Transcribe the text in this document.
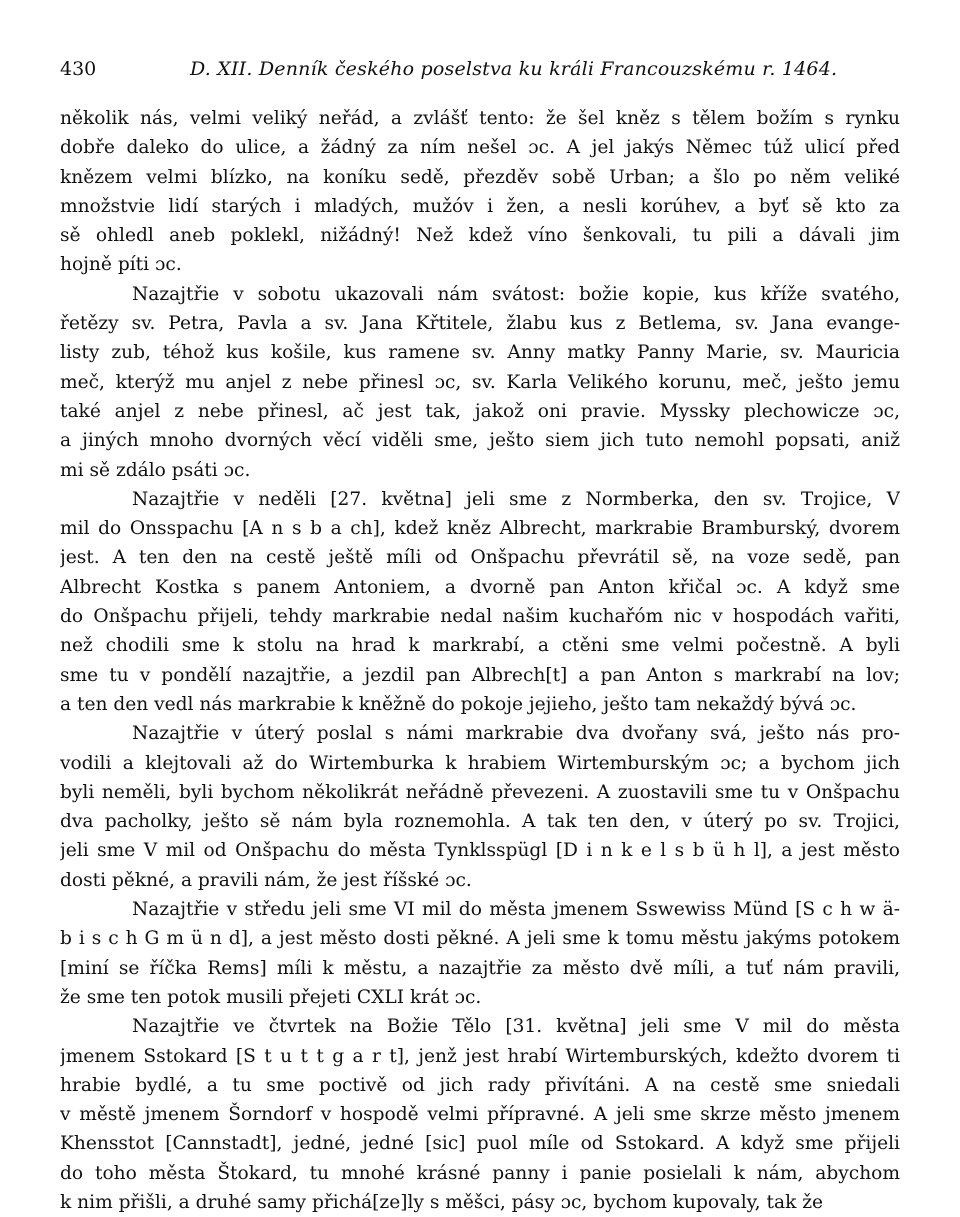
430	D. XII. Denník českého poselstva ku králi Francouzskému r. 1464.

několik nás, velmi veliký neřád, a zvlášť tento: že šel kněz s tělem božím s rynku
dobře daleko do ulice, a žádný za ním nešel ɔc. A jel jakýs Němec túž ulicí před
knězem velmi blízko, na koníku sedě, přezděv sobě Urban; a šlo po něm veliké
množstvie lidí starých i mladých, mužóv i žen, a nesli korúhev, a byť sě kto za
sě ohledl aneb poklekl, nižádný! Než kdež víno šenkovali, tu pili a dávali jim
hojně píti ɔc.

Nazajtřie v sobotu ukazovali nám svátost: božie kopie, kus kříže svatého,
řetězy sv. Petra, Pavla a sv. Jana Křtitele, žlabu kus z Betlema, sv. Jana evange-
listy zub, téhož kus košile, kus ramene sv. Anny matky Panny Marie, sv. Mauricia
meč, kterýž mu anjel z nebe přinesl ɔc, sv. Karla Velikého korunu, meč, ješto jemu
také anjel z nebe přinesl, ač jest tak, jakož oni pravie. Myssky plechowicze ɔc,
a jiných mnoho dvorných věcí viděli sme, ješto siem jich tuto nemohl popsati, aniž
mi sě zdálo psáti ɔc.

Nazajtřie v neděli [27. května] jeli sme z Normberka, den sv. Trojice, V
mil do Onsspachu [A n s b a ch], kdež kněz Albrecht, markrabie Bramburský, dvorem
jest. A ten den na cestě ještě míli od Onšpachu převrátil sě, na voze sedě, pan
Albrecht Kostka s panem Antoniem, a dvorně pan Anton křičal ɔc. A když sme
do Onšpachu přijeli, tehdy markrabie nedal našim kuchařóm nic v hospodách vařiti,
než chodili sme k stolu na hrad k markrabí, a ctěni sme velmi počestně. A byli
sme tu v pondělí nazajtřie, a jezdil pan Albrech[t] a pan Anton s markrabí na lov;
a ten den vedl nás markrabie k kněžně do pokoje jejieho, ješto tam nekaždý bývá ɔc.

Nazajtřie v úterý poslal s námi markrabie dva dvořany svá, ješto nás pro-
vodili a klejtovali až do Wirtemburka k hrabiem Wirtemburským ɔc; a bychom jich
byli neměli, byli bychom několikrát neřádně převezeni. A zuostavili sme tu v Onšpachu
dva pacholky, ješto sě nám byla roznemohla. A tak ten den, v úterý po sv. Trojici,
jeli sme V mil od Onšpachu do města Tynklsspügl [D i n k e l s b ü h l], a jest město
dosti pěkné, a pravili nám, že jest říšské ɔc.

Nazajtřie v středu jeli sme VI mil do města jmenem Sswewiss Münd [S c h w ä-
b i s c h G m ü n d], a jest město dosti pěkné. A jeli sme k tomu městu jakýms potokem
[miní se říčka Rems] míli k městu, a nazajtřie za město dvě míli, a tuť nám pravili,
že sme ten potok musili přejeti CXLI krát ɔc.

Nazajtřie ve čtvrtek na Božie Tělo [31. května] jeli sme V mil do města
jmenem Sstokard [S t u t t g a r t], jenž jest hrabí Wirtemburských, kdežto dvorem ti
hrabie bydlé, a tu sme poctivě od jich rady přivítáni. A na cestě sme sniedali
v městě jmenem Šorndorf v hospodě velmi přípravné. A jeli sme skrze město jmenem
Khensstot [Cannstadt], jedné, jedné [sic] puol míle od Sstokard. A když sme přijeli
do toho města Štokard, tu mnohé krásné panny i panie posielali k nám, abychom
k nim přišli, a druhé samy přichá[ze]ly s měšci, pásy ɔc, bychom kupovaly, tak že
